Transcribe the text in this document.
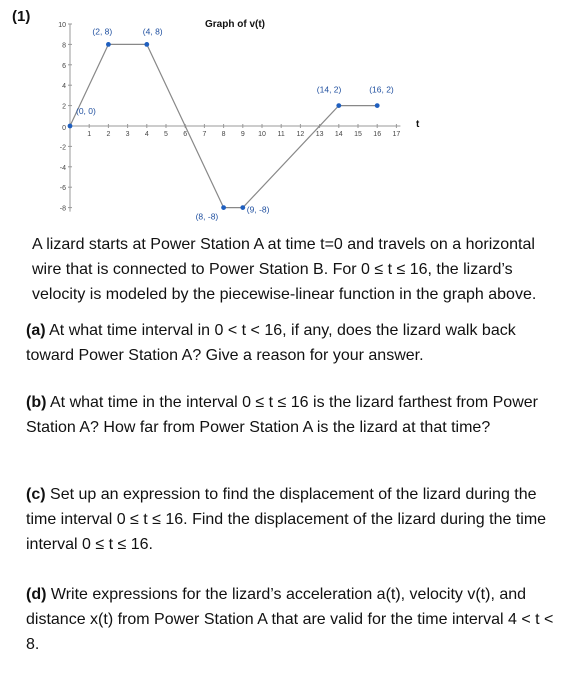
(1)
1 2 3 4 5 6 7 8 9 10 11 12 13 14 15 16 17
0
2
4
6
8
10
-2
-4
-6
-8
(0, 0)
(2, 8)	(4, 8)
(8, -8)
(9, -8)
(14, 2)	(16, 2)
Graph of v(t)
t
A lizard starts at Power Station A at time t=0 and travels on a horizontal wire that is connected to Power Station B. For 0 ≤ t ≤ 16, the lizard’s velocity is modeled by the piecewise-linear function in the graph above.
(a) At what time interval in 0 < t < 16, if any, does the lizard walk back toward Power Station A? Give a reason for your answer.
(b) At what time in the interval 0 ≤ t ≤ 16 is the lizard farthest from Power Station A? How far from Power Station A is the lizard at that time?
(c) Set up an expression to find the displacement of the lizard during the time interval 0 ≤ t ≤ 16. Find the displacement of the lizard during the time interval 0 ≤ t ≤ 16.
(d) Write expressions for the lizard’s acceleration a(t), velocity v(t), and distance x(t) from Power Station A that are valid for the time interval 4 < t < 8.
